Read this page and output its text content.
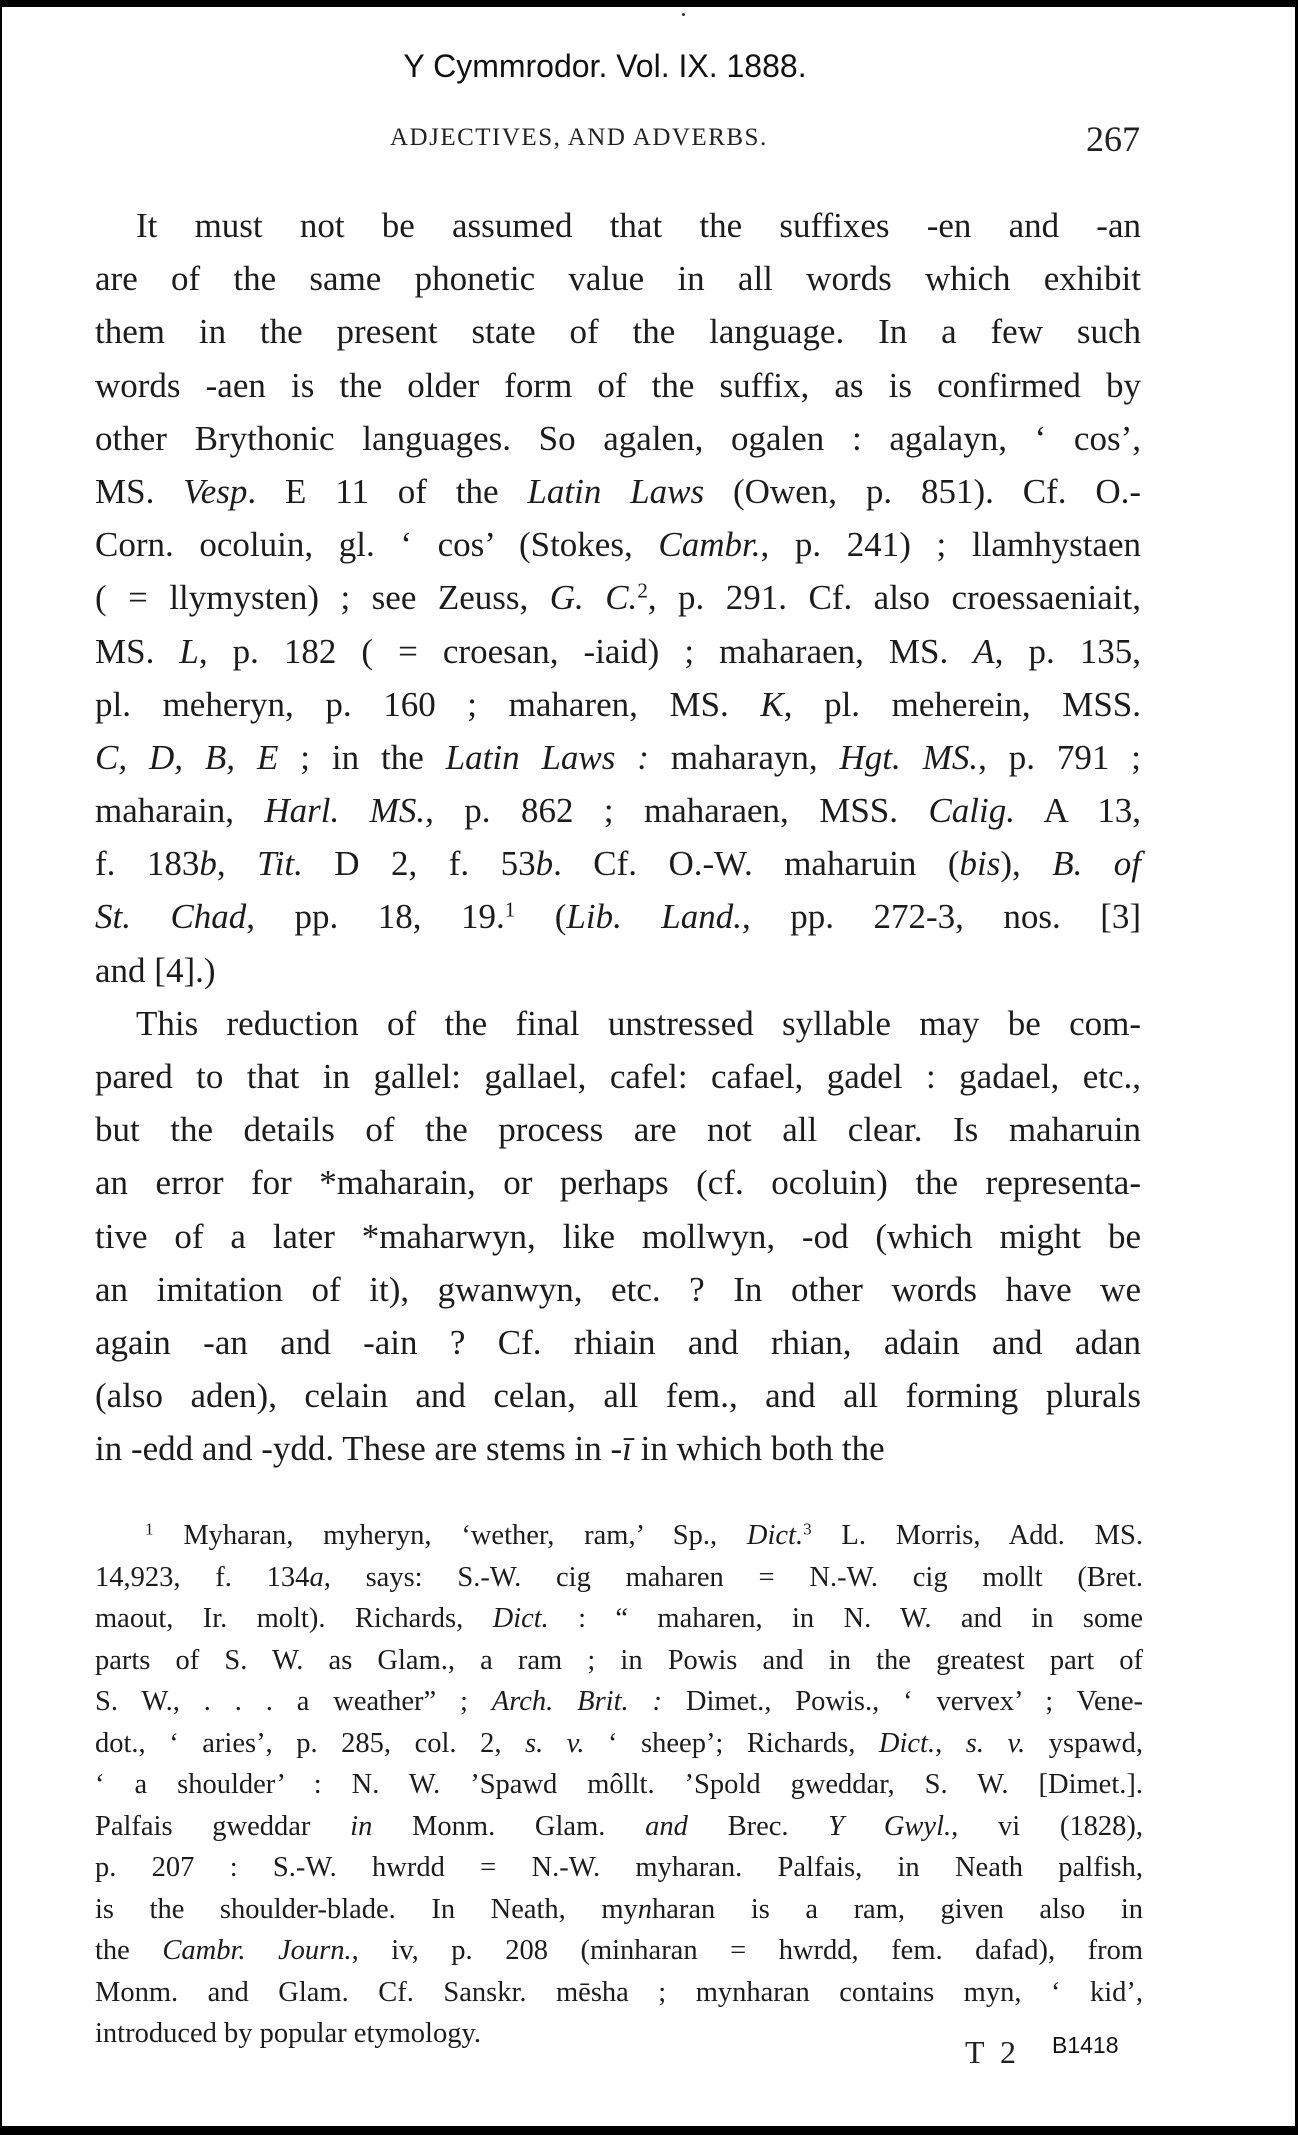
Y Cymmrodor. Vol. IX. 1888.
ADJECTIVES, AND ADVERBS.	267
It must not be assumed that the suffixes -en and -an
are of the same phonetic value in all words which exhibit
them in the present state of the language. In a few such
words -aen is the older form of the suffix, as is confirmed by
other Brythonic languages. So agalen, ogalen : agalayn, ‘ cos’,
MS. Vesp. E 11 of the Latin Laws (Owen, p. 851). Cf. O.-
Corn. ocoluin, gl. ‘ cos’ (Stokes, Cambr., p. 241) ; llamhystaen
( = llymysten) ; see Zeuss, G. C.$^2$, p. 291. Cf. also croessaeniait,
MS. L, p. 182 ( = croesan, -iaid) ; maharaen, MS. A, p. 135,
pl. meheryn, p. 160 ; maharen, MS. K, pl. meherein, MSS.
C, D, B, E ; in the Latin Laws : maharayn, Hgt. MS., p. 791 ;
maharain, Harl. MS., p. 862 ; maharaen, MSS. Calig. A 13,
f. 183b, Tit. D 2, f. 53b. Cf. O.-W. maharuin (bis), B. of
St. Chad, pp. 18, 19.$^1$ (Lib. Land., pp. 272-3, nos. [3]
and [4].)
This reduction of the final unstressed syllable may be com-
pared to that in gallel: gallael, cafel: cafael, gadel : gadael, etc.,
but the details of the process are not all clear. Is maharuin
an error for *maharain, or perhaps (cf. ocoluin) the representa-
tive of a later *maharwyn, like mollwyn, -od (which might be
an imitation of it), gwanwyn, etc. ? In other words have we
again -an and -ain ? Cf. rhiain and rhian, adain and adan
(also aden), celain and celan, all fem., and all forming plurals
in -edd and -ydd. These are stems in -ī in which both the
$^1$ Myharan, myheryn, ‘wether, ram,’ Sp., Dict.$^3$ L. Morris, Add. MS.
14,923, f. 134a, says: S.-W. cig maharen = N.-W. cig mollt (Bret.
maout, Ir. molt). Richards, Dict. : “ maharen, in N. W. and in some
parts of S. W. as Glam., a ram ; in Powis and in the greatest part of
S. W., . . . a weather” ; Arch. Brit. : Dimet., Powis., ‘ vervex’ ; Vene-
dot., ‘ aries’, p. 285, col. 2, s. v. ‘ sheep’; Richards, Dict., s. v. yspawd,
‘ a shoulder’ : N. W. ’Spawd môllt. ’Spold gweddar, S. W. [Dimet.].
Palfais gweddar in Monm. Glam. and Brec. Y Gwyl., vi (1828),
p. 207 : S.-W. hwrdd = N.-W. myharan. Palfais, in Neath palfish,
is the shoulder-blade. In Neath, mynharan is a ram, given also in
the Cambr. Journ., iv, p. 208 (minharan = hwrdd, fem. dafad), from
Monm. and Glam. Cf. Sanskr. mēsha ; mynharan contains myn, ‘ kid’,
introduced by popular etymology.
T 2 B1418
